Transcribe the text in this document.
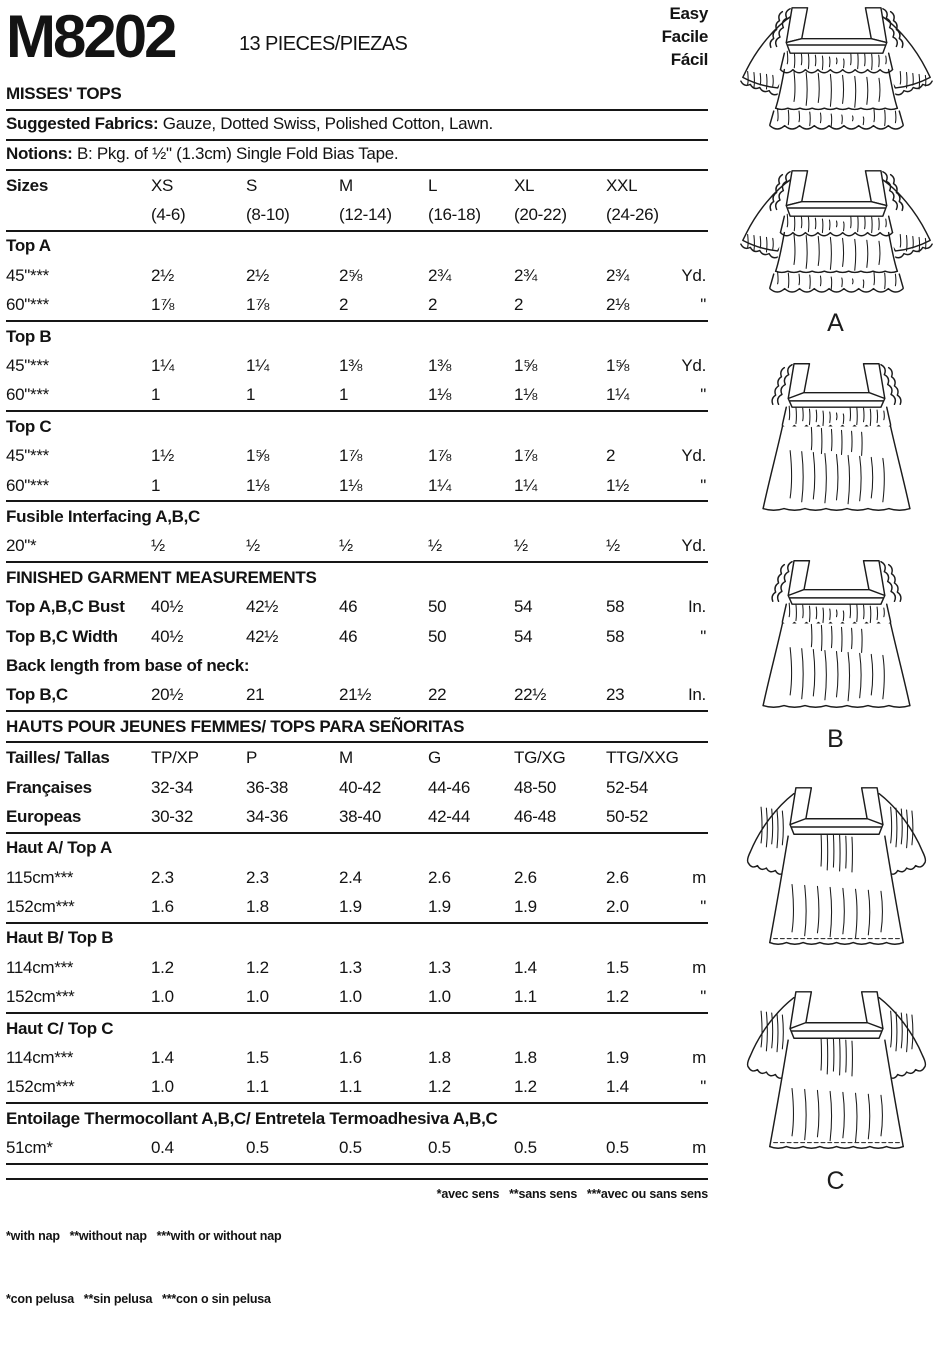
M8202	13 PIECES/PIEZAS
Easy
Facile
Fácil
MISSES' TOPS
Suggested Fabrics: Gauze, Dotted Swiss, Polished Cotton, Lawn.
Notions: B: Pkg. of ½" (1.3cm) Single Fold Bias Tape.
Sizes	XS	S	M	L	XL	XXL	
	(4-6)	(8-10)	(12-14)	(16-18)	(20-22)	(24-26)	
Top A							
45"***	2½	2½	2⅝	2¾	2¾	2¾	Yd.
60"***	1⅞	1⅞	2	2	2	2⅛	"
Top B							
45"***	1¼	1¼	1⅜	1⅜	1⅝	1⅝	Yd.
60"***	1	1	1	1⅛	1⅛	1¼	"
Top C							
45"***	1½	1⅝	1⅞	1⅞	1⅞	2	Yd.
60"***	1	1⅛	1⅛	1¼	1¼	1½	"
Fusible Interfacing A,B,C							
20"*	½	½	½	½	½	½	Yd.
FINISHED GARMENT MEASUREMENTS							
Top A,B,C Bust	40½	42½	46	50	54	58	In.
Top B,C Width	40½	42½	46	50	54	58	"
Back length from base of neck:							
Top B,C	20½	21	21½	22	22½	23	In.
HAUTS POUR JEUNES FEMMES/ TOPS PARA SEÑORITAS							
Tailles/ Tallas	TP/XP	P	M	G	TG/XG	TTG/XXG	
Françaises	32-34	36-38	40-42	44-46	48-50	52-54	
Europeas	30-32	34-36	38-40	42-44	46-48	50-52	
Haut A/ Top A							
115cm***	2.3	2.3	2.4	2.6	2.6	2.6	m
152cm***	1.6	1.8	1.9	1.9	1.9	2.0	"
Haut B/ Top B							
114cm***	1.2	1.2	1.3	1.3	1.4	1.5	m
152cm***	1.0	1.0	1.0	1.0	1.1	1.2	"
Haut C/ Top C							
114cm***	1.4	1.5	1.6	1.8	1.8	1.9	m
152cm***	1.0	1.1	1.1	1.2	1.2	1.4	"
Entoilage Thermocollant A,B,C/ Entretela Termoadhesiva A,B,C							
51cm*	0.4	0.5	0.5	0.5	0.5	0.5	m

*with nap   **without nap   ***with or without nap

*con pelusa   **sin pelusa   ***con o sin pelusa

*avec sens   **sans sens   ***avec ou sans sens
A
B
C
